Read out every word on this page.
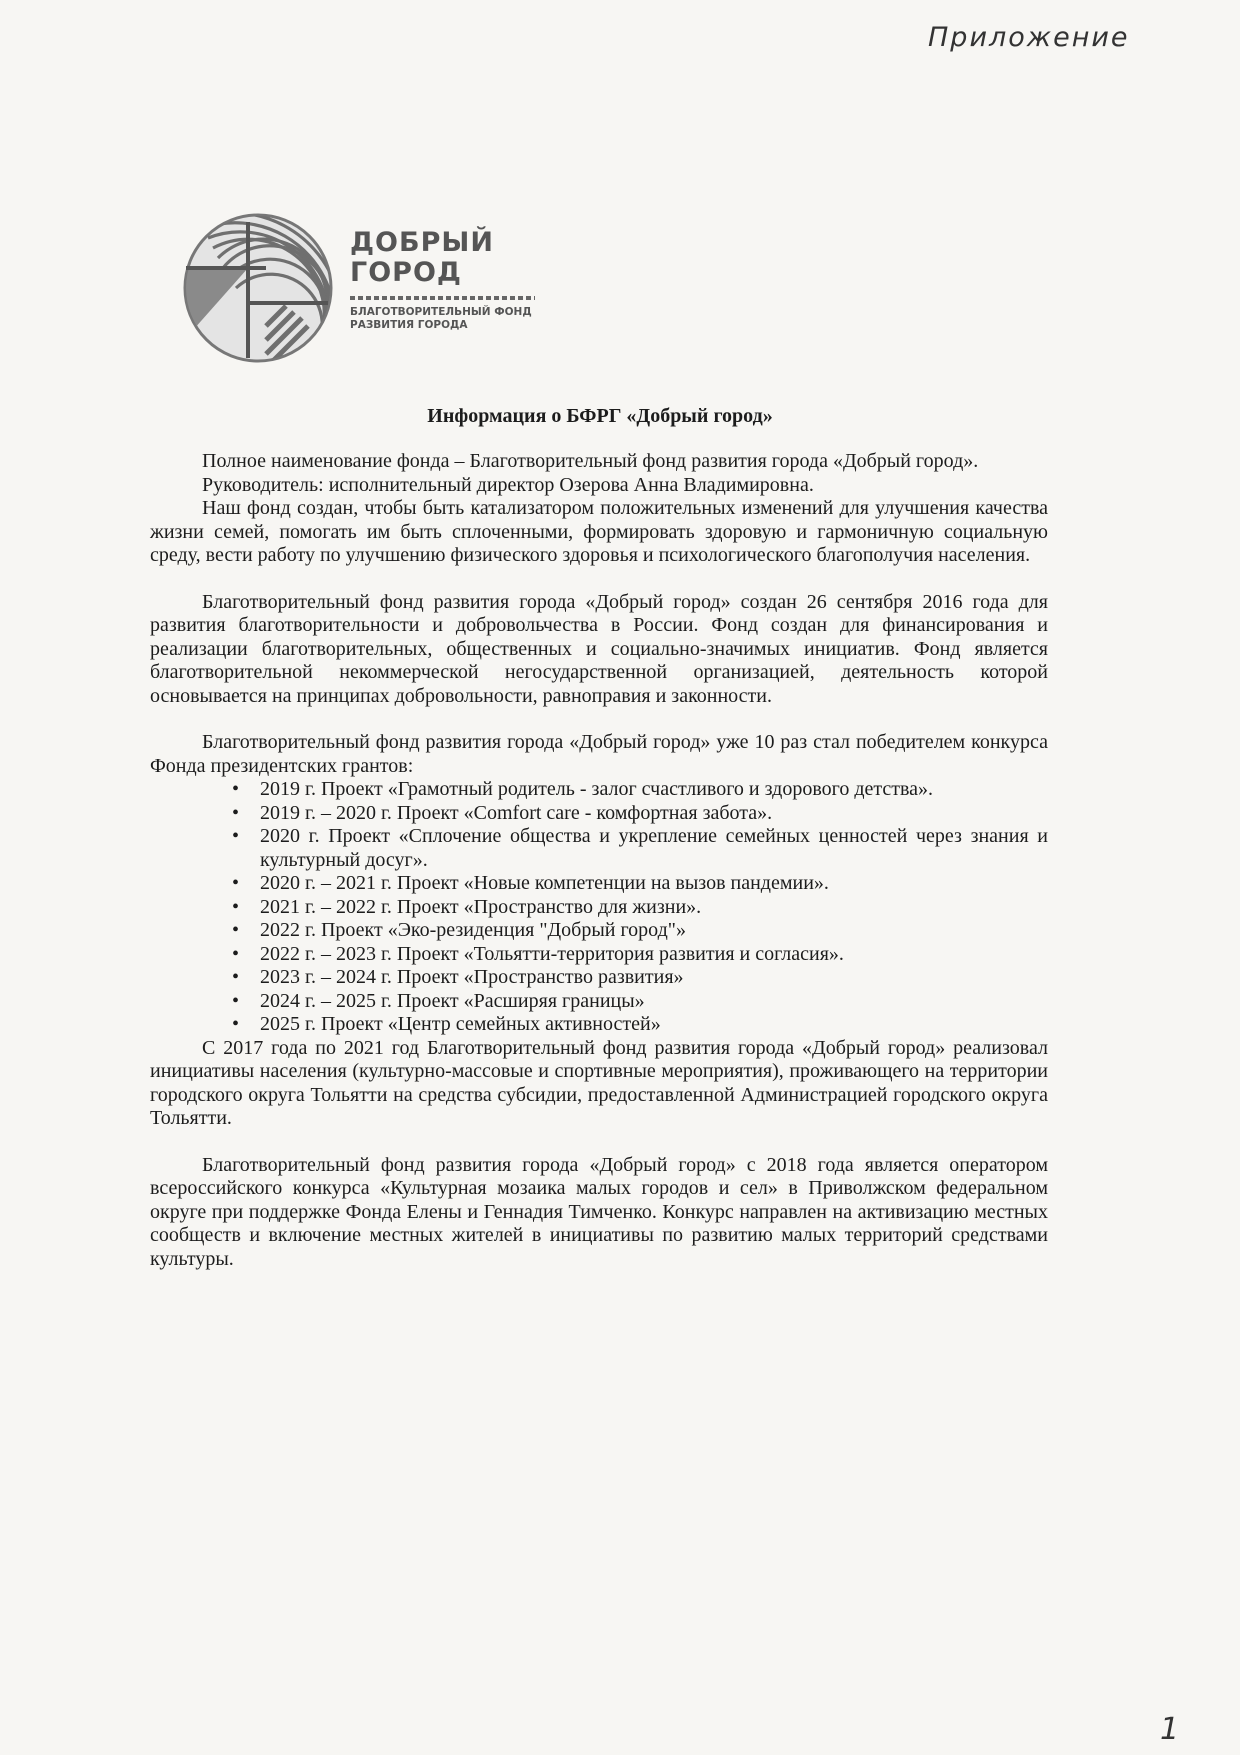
Приложение
ДОБРЫЙ
ГОРОД
БЛАГОТВОРИТЕЛЬНЫЙ ФОНД
РАЗВИТИЯ ГОРОДА
Информация о БФРГ «Добрый город»

Полное наименование фонда – Благотворительный фонд развития города «Добрый город».

Руководитель: исполнительный директор Озерова Анна Владимировна.

Наш фонд создан, чтобы быть катализатором положительных изменений для улучшения качества жизни семей, помогать им быть сплоченными, формировать здоровую и гармоничную социальную среду, вести работу по улучшению физического здоровья и психологического благополучия населения.

Благотворительный фонд развития города «Добрый город» создан 26 сентября 2016 года для развития благотворительности и добровольчества в России. Фонд создан для финансирования и реализации благотворительных, общественных и социально-значимых инициатив. Фонд является благотворительной некоммерческой негосударственной организацией, деятельность которой основывается на принципах добровольности, равноправия и законности.

Благотворительный фонд развития города «Добрый город» уже 10 раз стал победителем конкурса Фонда президентских грантов:

• 2019 г. Проект «Грамотный родитель - залог счастливого и здорового детства».
• 2019 г. – 2020 г. Проект «Comfort care - комфортная забота».
• 2020 г. Проект «Сплочение общества и укрепление семейных ценностей через знания и культурный досуг».
• 2020 г. – 2021 г. Проект «Новые компетенции на вызов пандемии».
• 2021 г. – 2022 г. Проект «Пространство для жизни».
• 2022 г. Проект «Эко-резиденция "Добрый город"»
• 2022 г. – 2023 г. Проект «Тольятти-территория развития и согласия».
• 2023 г. – 2024 г. Проект «Пространство развития»
• 2024 г. – 2025 г. Проект «Расширяя границы»
• 2025 г. Проект «Центр семейных активностей»

С 2017 года по 2021 год Благотворительный фонд развития города «Добрый город» реализовал инициативы населения (культурно-массовые и спортивные мероприятия), проживающего на территории городского округа Тольятти на средства субсидии, предоставленной Администрацией городского округа Тольятти.

Благотворительный фонд развития города «Добрый город» с 2018 года является оператором всероссийского конкурса «Культурная мозаика малых городов и сел» в Приволжском федеральном округе при поддержке Фонда Елены и Геннадия Тимченко. Конкурс направлен на активизацию местных сообществ и включение местных жителей в инициативы по развитию малых территорий средствами культуры.

1
